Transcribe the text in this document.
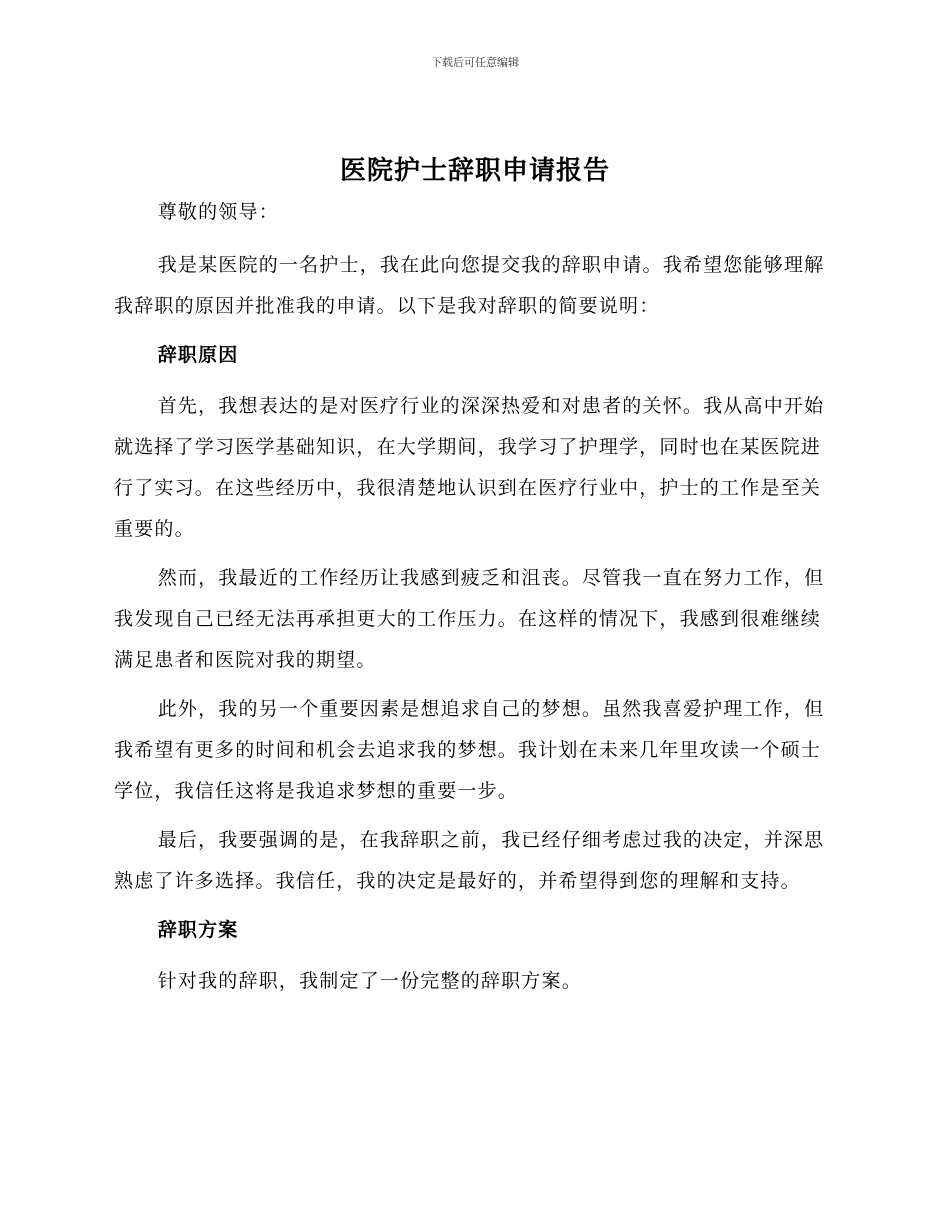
下载后可任意编辑
医院护士辞职申请报告

尊敬的领导：

我是某医院的一名护士，我在此向您提交我的辞职申请。我希望您能够理解我辞职的原因并批准我的申请。以下是我对辞职的简要说明：

辞职原因

首先，我想表达的是对医疗行业的深深热爱和对患者的关怀。我从高中开始就选择了学习医学基础知识，在大学期间，我学习了护理学，同时也在某医院进行了实习。在这些经历中，我很清楚地认识到在医疗行业中，护士的工作是至关重要的。

然而，我最近的工作经历让我感到疲乏和沮丧。尽管我一直在努力工作，但我发现自己已经无法再承担更大的工作压力。在这样的情况下，我感到很难继续满足患者和医院对我的期望。

此外，我的另一个重要因素是想追求自己的梦想。虽然我喜爱护理工作，但我希望有更多的时间和机会去追求我的梦想。我计划在未来几年里攻读一个硕士学位，我信任这将是我追求梦想的重要一步。

最后，我要强调的是，在我辞职之前，我已经仔细考虑过我的决定，并深思熟虑了许多选择。我信任，我的决定是最好的，并希望得到您的理解和支持。

辞职方案

针对我的辞职，我制定了一份完整的辞职方案。
